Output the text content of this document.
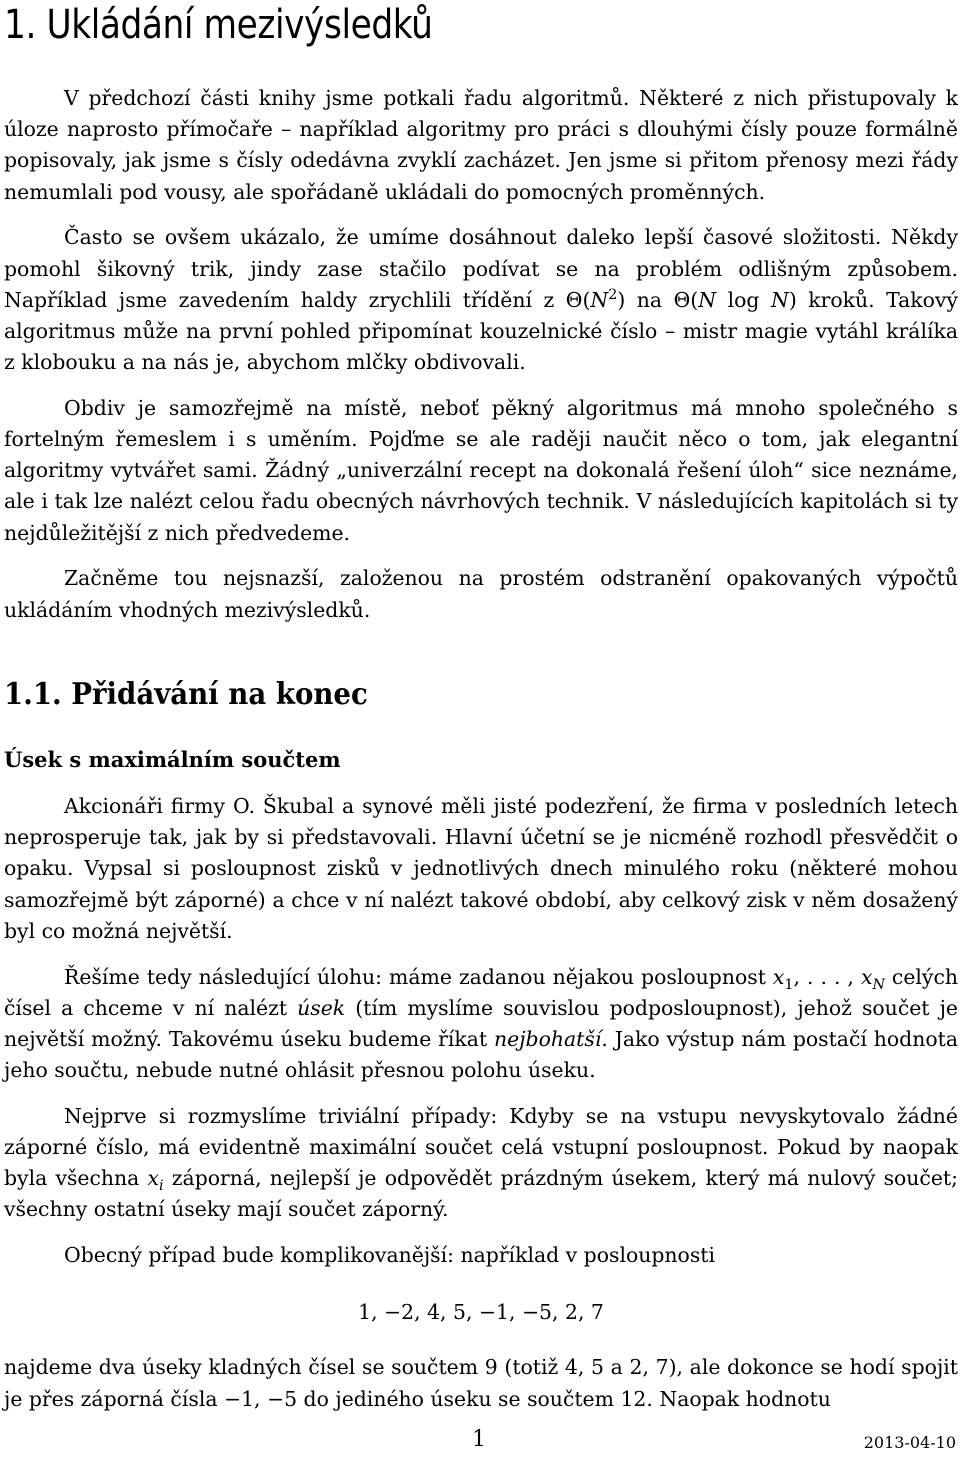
1. Ukládání mezivýsledků

V předchozí části knihy jsme potkali řadu algoritmů. Některé z nich přistupovaly k úloze naprosto přímočaře – například algoritmy pro práci s dlouhými čísly pouze formálně popisovaly, jak jsme s čísly odedávna zvyklí zacházet. Jen jsme si přitom přenosy mezi řády nemumlali pod vousy, ale spořádaně ukládali do pomocných proměnných.

Často se ovšem ukázalo, že umíme dosáhnout daleko lepší časové složitosti. Někdy pomohl šikovný trik, jindy zase stačilo podívat se na problém odlišným způsobem. Například jsme zavedením haldy zrychlili třídění z $\Theta(N^2)$ na Θ(N log N) kroků. Takový algoritmus může na první pohled připomínat kouzelnické číslo – mistr magie vytáhl králíka z klobouku a na nás je, abychom mlčky obdivovali.

Obdiv je samozřejmě na místě, neboť pěkný algoritmus má mnoho společného s fortelným řemeslem i s uměním. Pojďme se ale raději naučit něco o tom, jak elegantní algoritmy vytvářet sami. Žádný „univerzální recept na dokonalá řešení úloh“ sice neznáme, ale i tak lze nalézt celou řadu obecných návrhových technik. V následujících kapitolách si ty nejdůležitější z nich předvedeme.

Začněme tou nejsnazší, založenou na prostém odstranění opakovaných výpočtů ukládáním vhodných mezivýsledků.

1.1. Přidávání na konec
Úsek s maximálním součtem

Akcionáři firmy O. Škubal a synové měli jisté podezření, že firma v posledních letech neprosperuje tak, jak by si představovali. Hlavní účetní se je nicméně rozhodl přesvědčit o opaku. Vypsal si posloupnost zisků v jednotlivých dnech minulého roku (některé mohou samozřejmě být záporné) a chce v ní nalézt takové období, aby celkový zisk v něm dosažený byl co možná největší.

Řešíme tedy následující úlohu: máme zadanou nějakou posloupnost $x_1$, . . . , $x_N$ celých čísel a chceme v ní nalézt úsek (tím myslíme souvislou podposloupnost), jehož součet je největší možný. Takovému úseku budeme říkat nejbohatší. Jako výstup nám postačí hodnota jeho součtu, nebude nutné ohlásit přesnou polohu úseku.

Nejprve si rozmyslíme triviální případy: Kdyby se na vstupu nevyskytovalo žádné záporné číslo, má evidentně maximální součet celá vstupní posloupnost. Pokud by naopak byla všechna $x_i$ záporná, nejlepší je odpovědět prázdným úsekem, který má nulový součet; všechny ostatní úseky mají součet záporný.

Obecný případ bude komplikovanější: například v posloupnosti

1, −2, 4, 5, −1, −5, 2, 7

najdeme dva úseky kladných čísel se součtem 9 (totiž 4, 5 a 2, 7), ale dokonce se hodí spojit je přes záporná čísla −1, −5 do jediného úseku se součtem 12. Naopak hodnotu

1	2013-04-10
